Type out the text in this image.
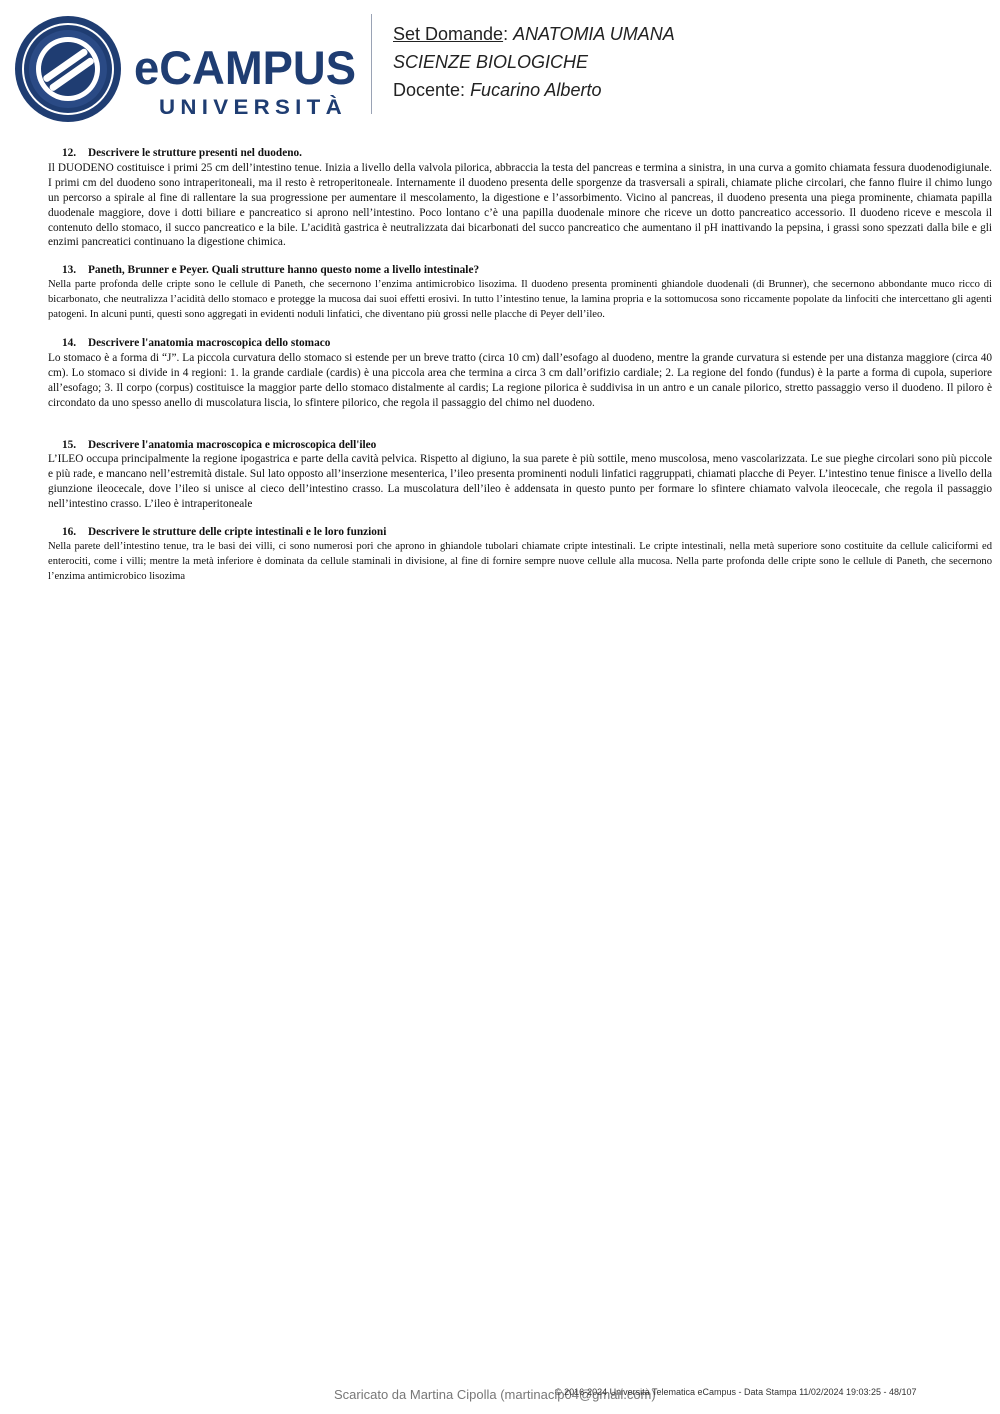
eCAMPUS
UNIVERSITÀ
Set Domande: ANATOMIA UMANA
SCIENZE BIOLOGICHE
Docente: Fucarino Alberto
12. Descrivere le strutture presenti nel duodeno.
Il DUODENO costituisce i primi 25 cm dell’intestino tenue. Inizia a livello della valvola pilorica, abbraccia la testa del pancreas e termina a sinistra, in una curva a gomito chiamata fessura duodenodigiunale. I primi cm del duodeno sono intraperitoneali, ma il resto è retroperitoneale. Internamente il duodeno presenta delle sporgenze da trasversali a spirali, chiamate pliche circolari, che fanno fluire il chimo lungo un percorso a spirale al fine di rallentare la sua progressione per aumentare il mescolamento, la digestione e l’assorbimento. Vicino al pancreas, il duodeno presenta una piega prominente, chiamata papilla duodenale maggiore, dove i dotti biliare e pancreatico si aprono nell’intestino. Poco lontano c’è una papilla duodenale minore che riceve un dotto pancreatico accessorio. Il duodeno riceve e mescola il contenuto dello stomaco, il succo pancreatico e la bile. L’acidità gastrica è neutralizzata dai bicarbonati del succo pancreatico che aumentano il pH inattivando la pepsina, i grassi sono spezzati dalla bile e gli enzimi pancreatici continuano la digestione chimica.
13. Paneth, Brunner e Peyer. Quali strutture hanno questo nome a livello intestinale?
Nella parte profonda delle cripte sono le cellule di Paneth, che secernono l’enzima antimicrobico lisozima. Il duodeno presenta prominenti ghiandole duodenali (di Brunner), che secernono abbondante muco ricco di bicarbonato, che neutralizza l’acidità dello stomaco e protegge la mucosa dai suoi effetti erosivi. In tutto l’intestino tenue, la lamina propria e la sottomucosa sono riccamente popolate da linfociti che intercettano gli agenti patogeni. In alcuni punti, questi sono aggregati in evidenti noduli linfatici, che diventano più grossi nelle placche di Peyer dell’ileo.
14. Descrivere l'anatomia macroscopica dello stomaco
Lo stomaco è a forma di “J”. La piccola curvatura dello stomaco si estende per un breve tratto (circa 10 cm) dall’esofago al duodeno, mentre la grande curvatura si estende per una distanza maggiore (circa 40 cm). Lo stomaco si divide in 4 regioni: 1. la grande cardiale (cardis) è una piccola area che termina a circa 3 cm dall’orifizio cardiale; 2. La regione del fondo (fundus) è la parte a forma di cupola, superiore all’esofago; 3. Il corpo (corpus) costituisce la maggior parte dello stomaco distalmente al cardis; La regione pilorica è suddivisa in un antro e un canale pilorico, stretto passaggio verso il duodeno. Il piloro è circondato da uno spesso anello di muscolatura liscia, lo sfintere pilorico, che regola il passaggio del chimo nel duodeno.
15. Descrivere l'anatomia macroscopica e microscopica dell'ileo
L’ILEO occupa principalmente la regione ipogastrica e parte della cavità pelvica. Rispetto al digiuno, la sua parete è più sottile, meno muscolosa, meno vascolarizzata. Le sue pieghe circolari sono più piccole e più rade, e mancano nell’estremità distale. Sul lato opposto all’inserzione mesenterica, l’ileo presenta prominenti noduli linfatici raggruppati, chiamati placche di Peyer. L’intestino tenue finisce a livello della giunzione ileocecale, dove l’ileo si unisce al cieco dell’intestino crasso. La muscolatura dell’ileo è addensata in questo punto per formare lo sfintere chiamato valvola ileocecale, che regola il passaggio nell’intestino crasso. L’ileo è intraperitoneale
16. Descrivere le strutture delle cripte intestinali e le loro funzioni
Nella parete dell’intestino tenue, tra le basi dei villi, ci sono numerosi pori che aprono in ghiandole tubolari chiamate cripte intestinali. Le cripte intestinali, nella metà superiore sono costituite da cellule caliciformi ed enterociti, come i villi; mentre la metà inferiore è dominata da cellule staminali in divisione, al fine di fornire sempre nuove cellule alla mucosa. Nella parte profonda delle cripte sono le cellule di Paneth, che secernono l’enzima antimicrobico lisozima
Scaricato da Martina Cipolla (martinacip04@gmail.com)
© 2016-2024 Università Telematica eCampus - Data Stampa 11/02/2024 19:03:25 - 48/107
